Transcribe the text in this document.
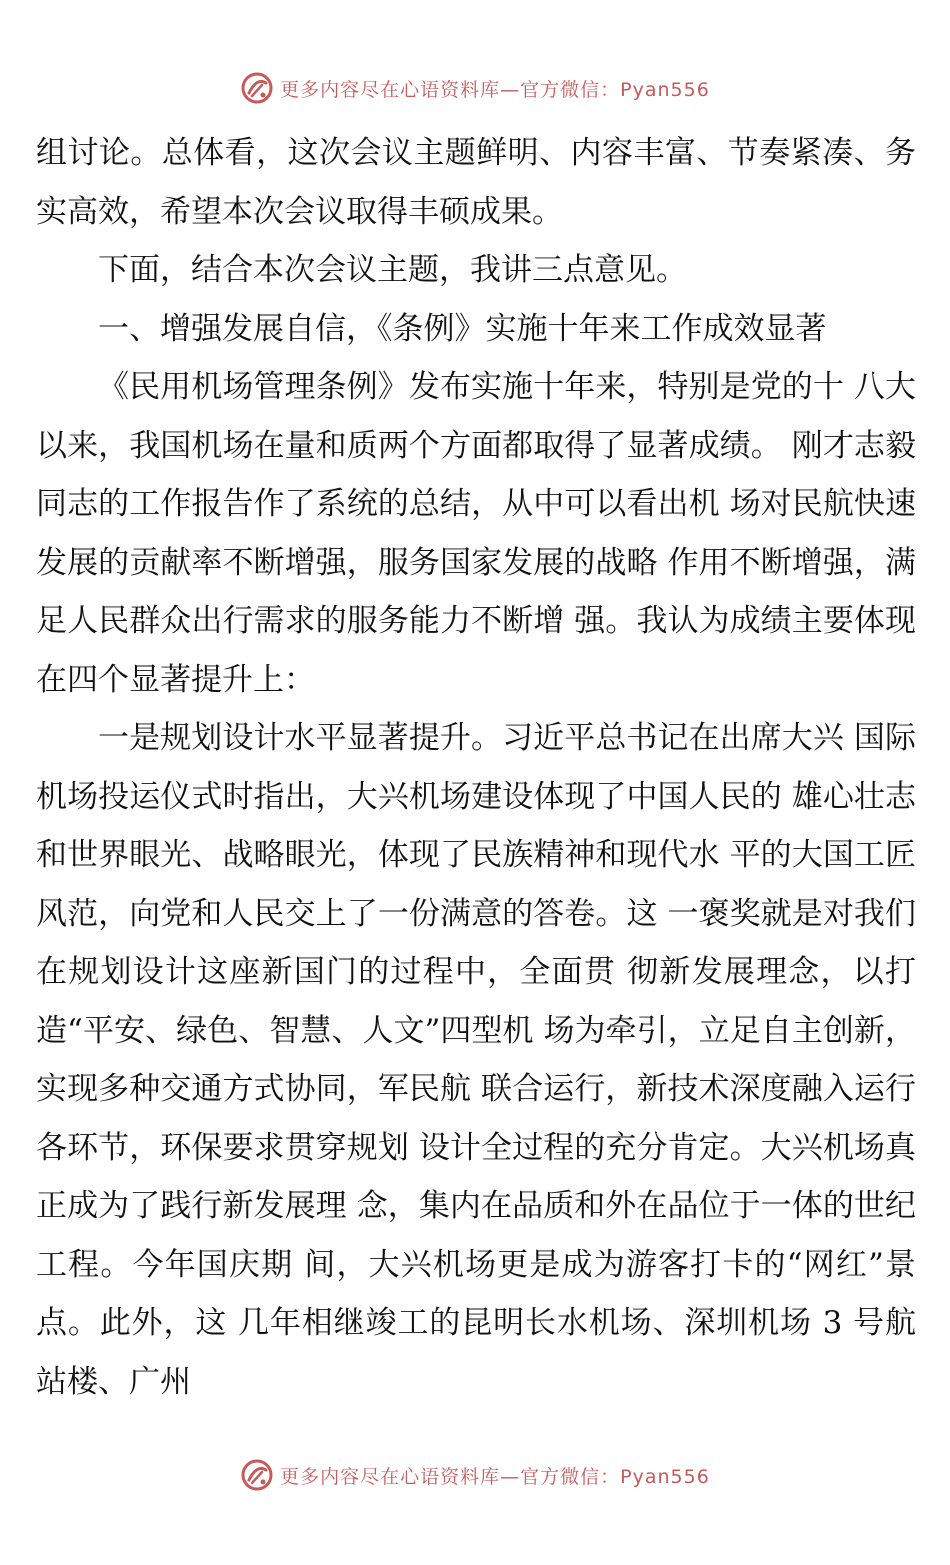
更多内容尽在心语资料库—官方微信：Pyan556

组讨论。总体看，这次会议主题鲜明、内容丰富、节奏紧凑、务实高效，希望本次会议取得丰硕成果。

下面，结合本次会议主题，我讲三点意见。

一、增强发展自信，《条例》实施十年来工作成效显著

《民用机场管理条例》发布实施十年来，特别是党的十 八大以来，我国机场在量和质两个方面都取得了显著成绩。 刚才志毅同志的工作报告作了系统的总结，从中可以看出机 场对民航快速发展的贡献率不断增强，服务国家发展的战略 作用不断增强，满足人民群众出行需求的服务能力不断增 强。我认为成绩主要体现在四个显著提升上：

一是规划设计水平显著提升。习近平总书记在出席大兴 国际机场投运仪式时指出，大兴机场建设体现了中国人民的 雄心壮志和世界眼光、战略眼光，体现了民族精神和现代水 平的大国工匠风范，向党和人民交上了一份满意的答卷。这 一褒奖就是对我们在规划设计这座新国门的过程中，全面贯 彻新发展理念，以打造“平安、绿色、智慧、人文”四型机 场为牵引，立足自主创新，实现多种交通方式协同，军民航 联合运行，新技术深度融入运行各环节，环保要求贯穿规划 设计全过程的充分肯定。大兴机场真正成为了践行新发展理 念，集内在品质和外在品位于一体的世纪工程。今年国庆期 间，大兴机场更是成为游客打卡的“网红”景点。此外，这 几年相继竣工的昆明长水机场、深圳机场 3 号航站楼、广州

更多内容尽在心语资料库—官方微信：Pyan556
